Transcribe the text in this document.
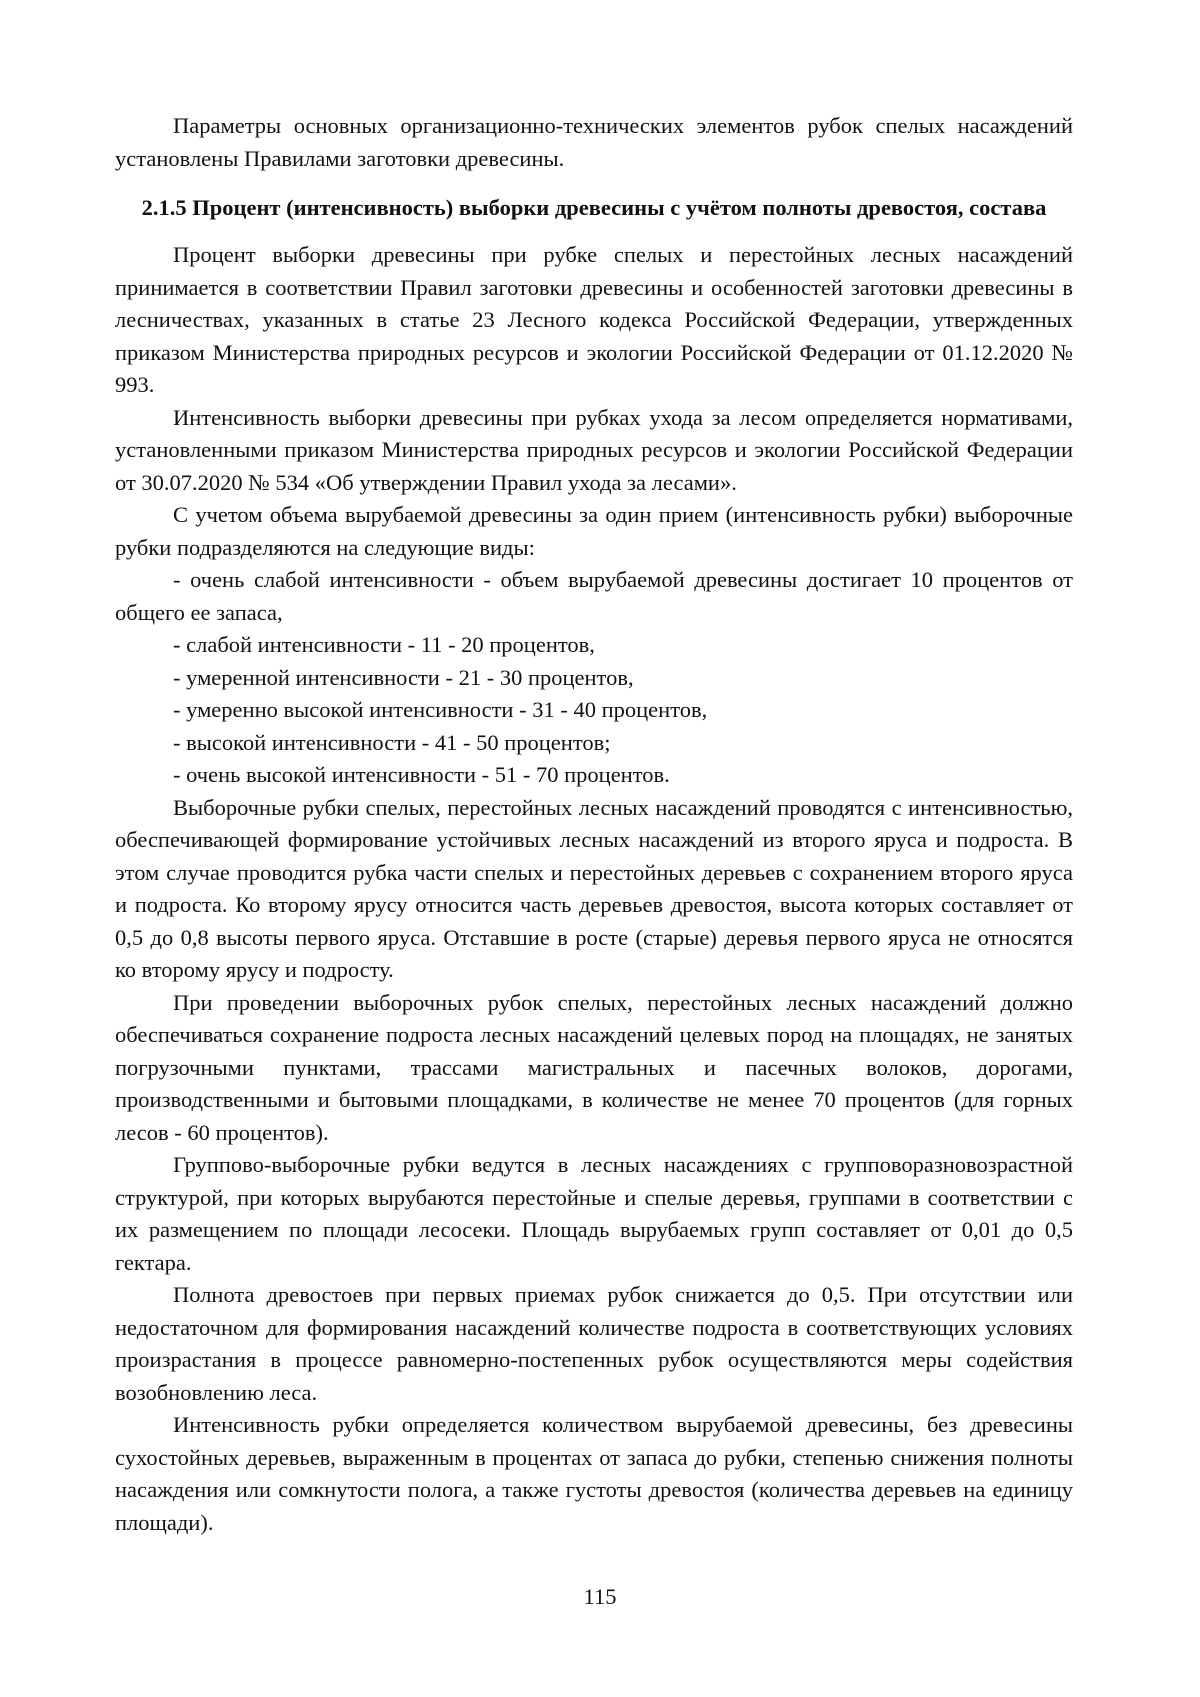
Параметры основных организационно-технических элементов рубок спелых насаждений установлены Правилами заготовки древесины.

2.1.5 Процент (интенсивность) выборки древесины с учётом полноты древостоя, состава

Процент выборки древесины при рубке спелых и перестойных лесных насаждений принимается в соответствии Правил заготовки древесины и особенностей заготовки древесины в лесничествах, указанных в статье 23 Лесного кодекса Российской Федерации, утвержденных приказом Министерства природных ресурсов и экологии Российской Федерации от 01.12.2020 № 993.

Интенсивность выборки древесины при рубках ухода за лесом определяется нормативами, установленными приказом Министерства природных ресурсов и экологии Российской Федерации от 30.07.2020 № 534 «Об утверждении Правил ухода за лесами».

С учетом объема вырубаемой древесины за один прием (интенсивность рубки) выборочные рубки подразделяются на следующие виды:

- очень слабой интенсивности - объем вырубаемой древесины достигает 10 процентов от общего ее запаса,

- слабой интенсивности - 11 - 20 процентов,

- умеренной интенсивности - 21 - 30 процентов,

- умеренно высокой интенсивности - 31 - 40 процентов,

- высокой интенсивности - 41 - 50 процентов;

- очень высокой интенсивности - 51 - 70 процентов.

Выборочные рубки спелых, перестойных лесных насаждений проводятся с интенсивностью, обеспечивающей формирование устойчивых лесных насаждений из второго яруса и подроста. В этом случае проводится рубка части спелых и перестойных деревьев с сохранением второго яруса и подроста. Ко второму ярусу относится часть деревьев древостоя, высота которых составляет от 0,5 до 0,8 высоты первого яруса. Отставшие в росте (старые) деревья первого яруса не относятся ко второму ярусу и подросту.

При проведении выборочных рубок спелых, перестойных лесных насаждений должно обеспечиваться сохранение подроста лесных насаждений целевых пород на площадях, не занятых погрузочными пунктами, трассами магистральных и пасечных волоков, дорогами, производственными и бытовыми площадками, в количестве не менее 70 процентов (для горных лесов - 60 процентов).

Группово-выборочные рубки ведутся в лесных насаждениях с групповоразновозрастной структурой, при которых вырубаются перестойные и спелые деревья, группами в соответствии с их размещением по площади лесосеки. Площадь вырубаемых групп составляет от 0,01 до 0,5 гектара.

Полнота древостоев при первых приемах рубок снижается до 0,5. При отсутствии или недостаточном для формирования насаждений количестве подроста в соответствующих условиях произрастания в процессе равномерно-постепенных рубок осуществляются меры содействия возобновлению леса.

Интенсивность рубки определяется количеством вырубаемой древесины, без древесины сухостойных деревьев, выраженным в процентах от запаса до рубки, степенью снижения полноты насаждения или сомкнутости полога, а также густоты древостоя (количества деревьев на единицу площади).

115
